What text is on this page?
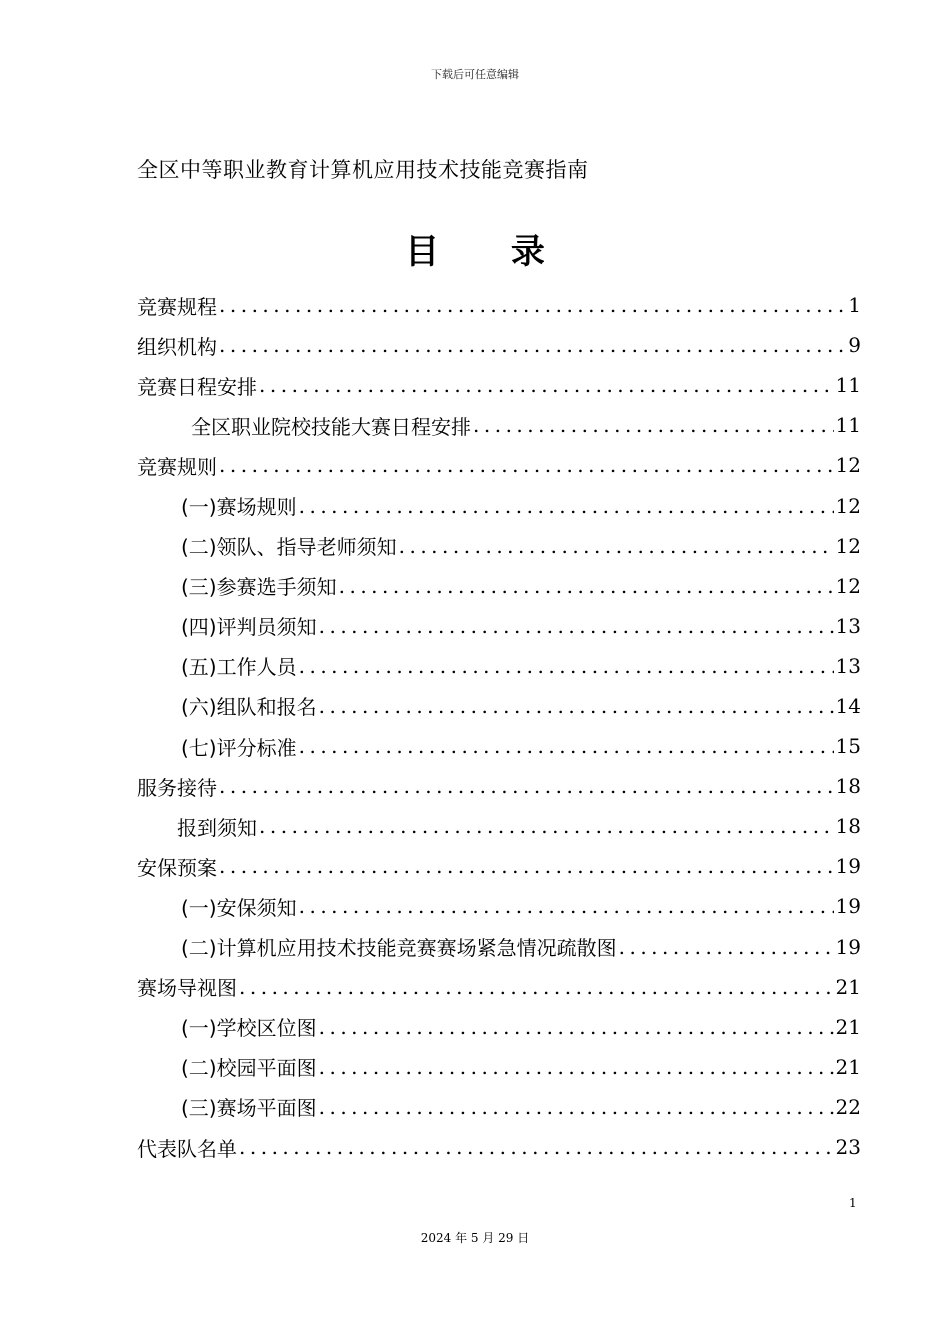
下载后可任意编辑
全区中等职业教育计算机应用技术技能竞赛指南
目 录
竞赛规程 .....	1
组织机构 .....	9
竞赛日程安排 .....	11
全区职业院校技能大赛日程安排 .....	11
竞赛规则 .....	12
(一)赛场规则 .....	12
(二)领队、指导老师须知 .....	12
(三)参赛选手须知 .....	12
(四)评判员须知 .....	13
(五)工作人员 .....	13
(六)组队和报名 .....	14
(七)评分标准 .....	15
服务接待 .....	18
报到须知 .....	18
安保预案 .....	19
(一)安保须知 .....	19
(二)计算机应用技术技能竞赛赛场紧急情况疏散图 .....	19
赛场导视图 .....	21
(一)学校区位图 .....	21
(二)校园平面图 .....	21
(三)赛场平面图 .....	22
代表队名单 .....	23
1
2024 年 5 月 29 日
